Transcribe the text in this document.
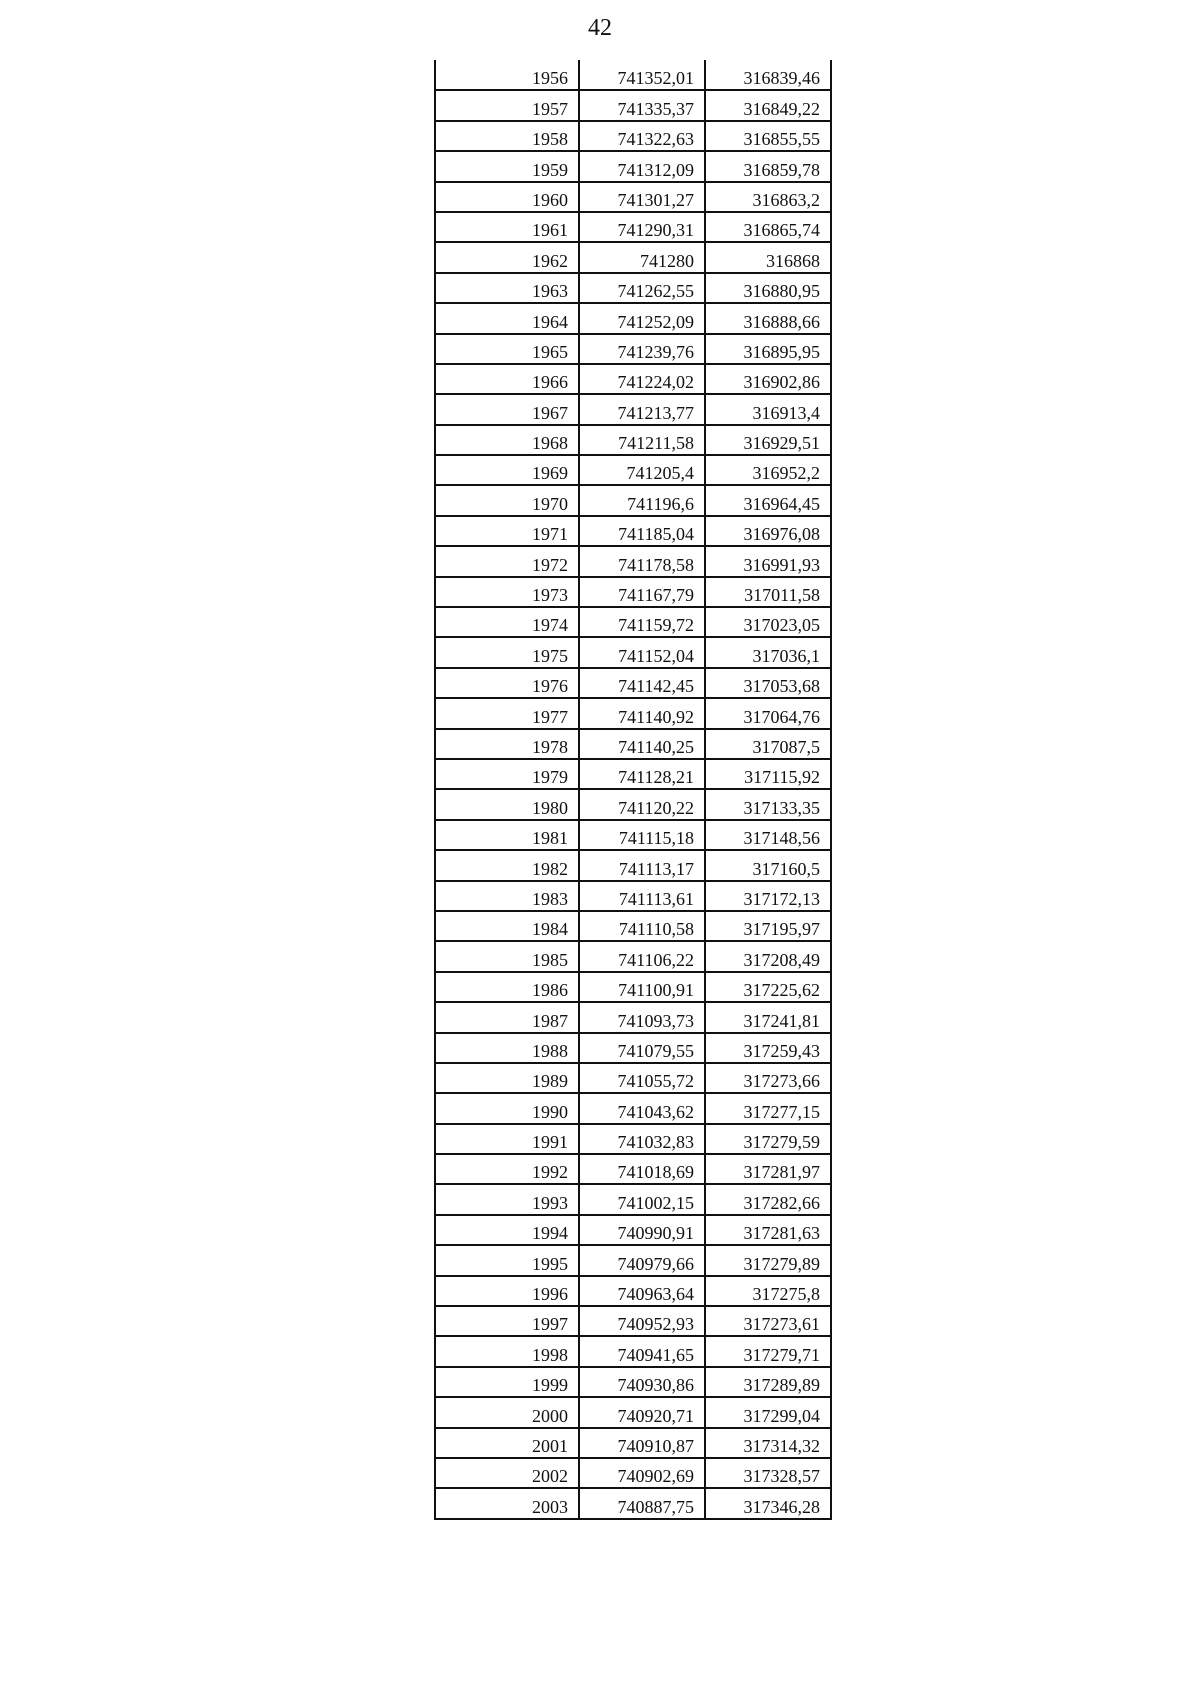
42
1956	741352,01	316839,46
1957	741335,37	316849,22
1958	741322,63	316855,55
1959	741312,09	316859,78
1960	741301,27	316863,2
1961	741290,31	316865,74
1962	741280	316868
1963	741262,55	316880,95
1964	741252,09	316888,66
1965	741239,76	316895,95
1966	741224,02	316902,86
1967	741213,77	316913,4
1968	741211,58	316929,51
1969	741205,4	316952,2
1970	741196,6	316964,45
1971	741185,04	316976,08
1972	741178,58	316991,93
1973	741167,79	317011,58
1974	741159,72	317023,05
1975	741152,04	317036,1
1976	741142,45	317053,68
1977	741140,92	317064,76
1978	741140,25	317087,5
1979	741128,21	317115,92
1980	741120,22	317133,35
1981	741115,18	317148,56
1982	741113,17	317160,5
1983	741113,61	317172,13
1984	741110,58	317195,97
1985	741106,22	317208,49
1986	741100,91	317225,62
1987	741093,73	317241,81
1988	741079,55	317259,43
1989	741055,72	317273,66
1990	741043,62	317277,15
1991	741032,83	317279,59
1992	741018,69	317281,97
1993	741002,15	317282,66
1994	740990,91	317281,63
1995	740979,66	317279,89
1996	740963,64	317275,8
1997	740952,93	317273,61
1998	740941,65	317279,71
1999	740930,86	317289,89
2000	740920,71	317299,04
2001	740910,87	317314,32
2002	740902,69	317328,57
2003	740887,75	317346,28
